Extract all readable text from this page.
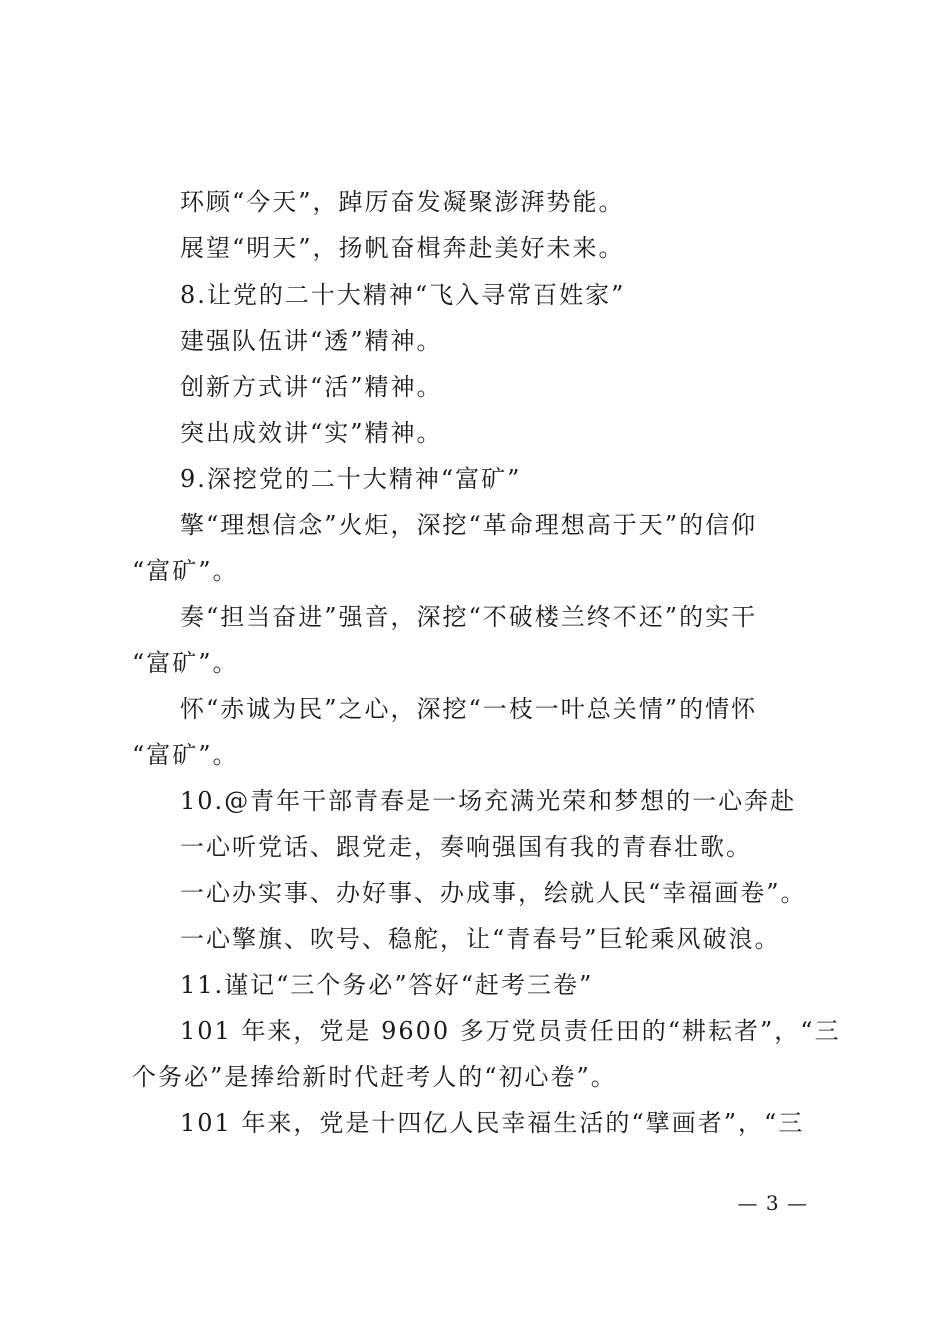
环顾“今天”，踔厉奋发凝聚澎湃势能。
展望“明天”，扬帆奋楫奔赴美好未来。
8.让党的二十大精神“飞入寻常百姓家”
建强队伍讲“透”精神。
创新方式讲“活”精神。
突出成效讲“实”精神。
9.深挖党的二十大精神“富矿”
擎“理想信念”火炬，深挖“革命理想高于天”的信仰
“富矿”。
奏“担当奋进”强音，深挖“不破楼兰终不还”的实干
“富矿”。
怀“赤诚为民”之心，深挖“一枝一叶总关情”的情怀
“富矿”。
10.@青年干部青春是一场充满光荣和梦想的一心奔赴
一心听党话、跟党走，奏响强国有我的青春壮歌。
一心办实事、办好事、办成事，绘就人民“幸福画卷”。
一心擎旗、吹号、稳舵，让“青春号”巨轮乘风破浪。
11.谨记“三个务必”答好“赶考三卷”
101 年来，党是 9600 多万党员责任田的“耕耘者”，“三
个务必”是捧给新时代赶考人的“初心卷”。
101 年来，党是十四亿人民幸福生活的“擘画者”，“三
— 3 —
